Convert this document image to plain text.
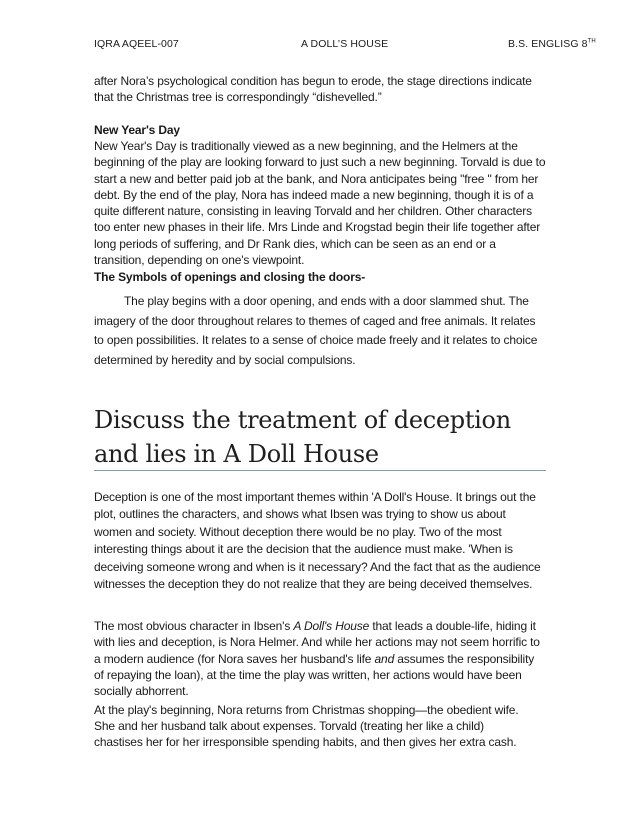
IQRA AQEEL-007	A DOLL’S HOUSE	B.S. ENGLISG 8TH

after Nora’s psychological condition has begun to erode, the stage directions indicate that the Christmas tree is correspondingly “dishevelled.”

New Year's Day

New Year's Day is traditionally viewed as a new beginning, and the Helmers at the beginning of the play are looking forward to just such a new beginning. Torvald is due to start a new and better paid job at the bank, and Nora anticipates being "free " from her debt. By the end of the play, Nora has indeed made a new beginning, though it is of a quite different nature, consisting in leaving Torvald and her children. Other characters too enter new phases in their life. Mrs Linde and Krogstad begin their life together after long periods of suffering, and Dr Rank dies, which can be seen as an end or a transition, depending on one's viewpoint.

The Symbols of openings and closing the doors-

The play begins with a door opening, and ends with a door slammed shut. The imagery of the door throughout relares to themes of caged and free animals. It relates to open possibilities. It relates to a sense of choice made freely and it relates to choice determined by heredity and by social compulsions.

Discuss the treatment of deception and lies in A Doll House

Deception is one of the most important themes within 'A Doll's House. It brings out the plot, outlines the characters, and shows what Ibsen was trying to show us about women and society. Without deception there would be no play. Two of the most interesting things about it are the decision that the audience must make. 'When is deceiving someone wrong and when is it necessary? And the fact that as the audience witnesses the deception they do not realize that they are being deceived themselves.

The most obvious character in Ibsen's A Doll's House that leads a double-life, hiding it with lies and deception, is Nora Helmer. And while her actions may not seem horrific to a modern audience (for Nora saves her husband's life and assumes the responsibility of repaying the loan), at the time the play was written, her actions would have been socially abhorrent.

At the play's beginning, Nora returns from Christmas shopping—the obedient wife.

She and her husband talk about expenses. Torvald (treating her like a child)

chastises her for her irresponsible spending habits, and then gives her extra cash.
